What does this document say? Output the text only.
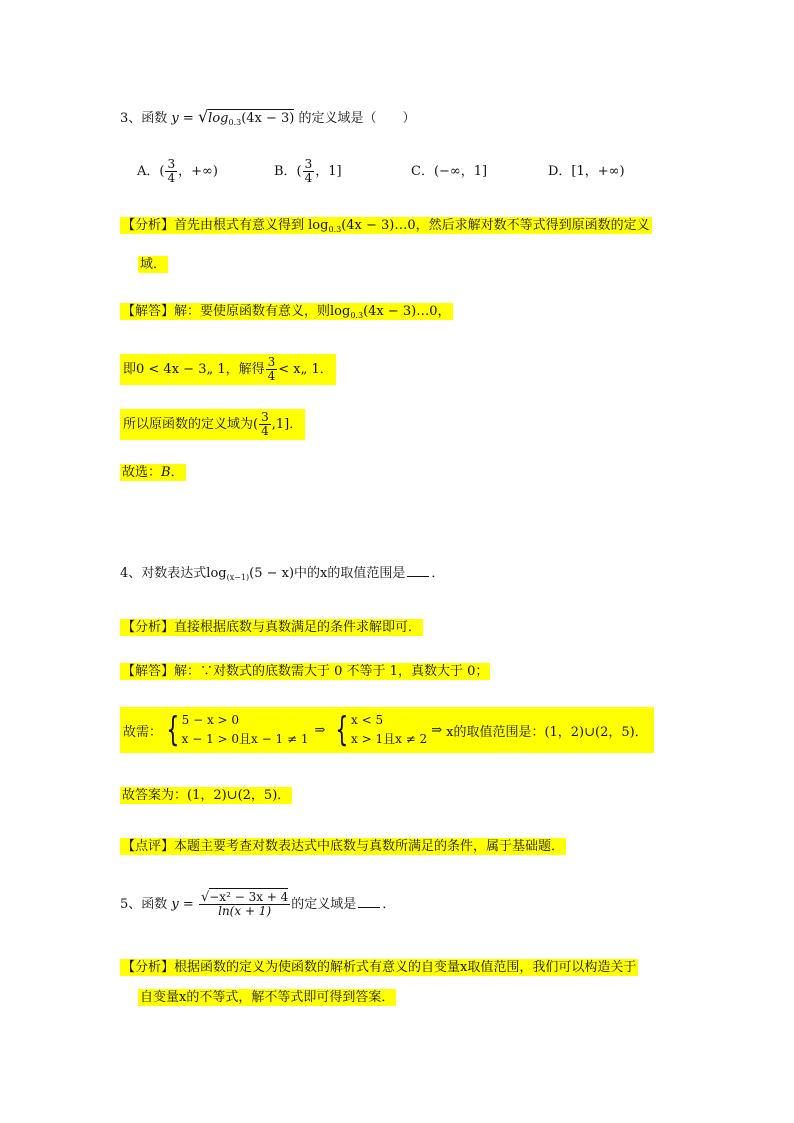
3、函数 $y = √\log_{0.3}(4x - 3)$ 的定义域是（　　）
A．( $\frac{3}{4}$ ，+∞)	B．( $\frac{3}{4}$ ，1]	C．(−∞，1]	D．[1，+∞)
【分析】首先由根式有意义得到 $\log_{0.3}(4x$ − 3)…0，然后求解对数不等式得到原函数的定义
域．
【解答】解：要使原函数有意义，则$\log_{0.3}(4x$ − 3)…0，
即0 < 4x − 3„ 1，解得 $\frac{3}{4}$ < x„ 1．
所以原函数的定义域为( $\frac{3}{4} ,1$]．
故选：B．
4、对数表达式$\log_{(x-1)}(5 - x)$中的x的取值范围是 ．
【分析】直接根据底数与真数满足的条件求解即可．
【解答】解：∵对数式的底数需大于 0 不等于 1，真数大于 0；
故需： { 5 − x > 0
x − 1 > 0且x − 1 ≠ 1
⇒ { x < 5
x > 1且x ≠ 2
⇒ x的取值范围是：(1，2)∪(2，5)．
故答案为：(1，2)∪(2，5)．
【点评】本题主要考查对数表达式中底数与真数所满足的条件，属于基础题．
5、函数 $y = \frac{\text{√−x² − 3x + 4}}{\ln(x + 1)}$ 的定义域是 ．
【分析】根据函数的定义为使函数的解析式有意义的自变量x取值范围，我们可以构造关于
自变量x的不等式，解不等式即可得到答案．
